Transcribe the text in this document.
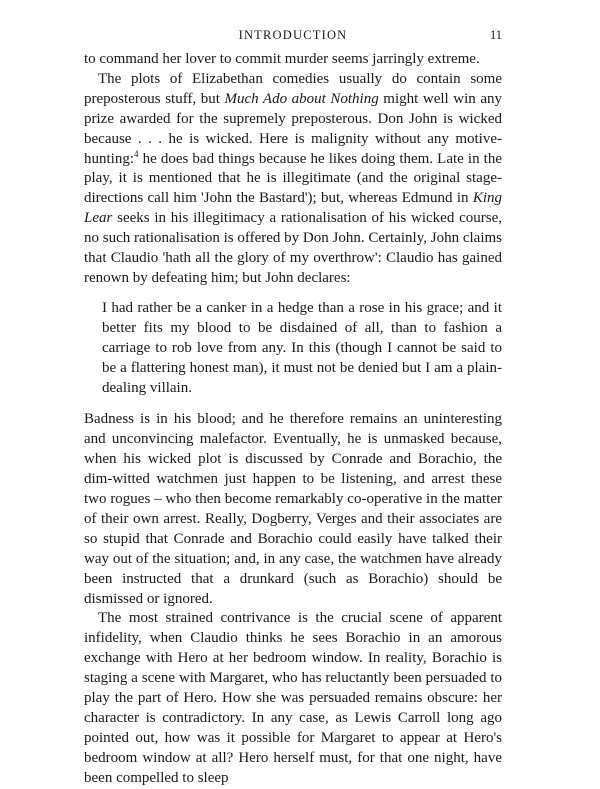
INTRODUCTION	11

to command her lover to commit murder seems jarringly extreme.

The plots of Elizabethan comedies usually do contain some preposterous stuff, but Much Ado about Nothing might well win any prize awarded for the supremely preposterous. Don John is wicked because . . . he is wicked. Here is malignity without any motive-hunting:$^4$ he does bad things because he likes doing them. Late in the play, it is mentioned that he is illegitimate (and the original stage-directions call him 'John the Bastard'); but, whereas Edmund in King Lear seeks in his illegitimacy a rationalisation of his wicked course, no such rationalisation is offered by Don John. Certainly, John claims that Claudio 'hath all the glory of my overthrow': Claudio has gained renown by defeating him; but John declares:

I had rather be a canker in a hedge than a rose in his grace; and it better fits my blood to be disdained of all, than to fashion a carriage to rob love from any. In this (though I cannot be said to be a flattering honest man), it must not be denied but I am a plain-dealing villain.

Badness is in his blood; and he therefore remains an uninteresting and unconvincing malefactor. Eventually, he is unmasked because, when his wicked plot is discussed by Conrade and Borachio, the dim-witted watchmen just happen to be listening, and arrest these two rogues – who then become remarkably co-operative in the matter of their own arrest. Really, Dogberry, Verges and their associates are so stupid that Conrade and Borachio could easily have talked their way out of the situation; and, in any case, the watchmen have already been instructed that a drunkard (such as Borachio) should be dismissed or ignored.

The most strained contrivance is the crucial scene of apparent infidelity, when Claudio thinks he sees Borachio in an amorous exchange with Hero at her bedroom window. In reality, Borachio is staging a scene with Margaret, who has reluctantly been persuaded to play the part of Hero. How she was persuaded remains obscure: her character is contradictory. In any case, as Lewis Carroll long ago pointed out, how was it possible for Margaret to appear at Hero's bedroom window at all? Hero herself must, for that one night, have been compelled to sleep
